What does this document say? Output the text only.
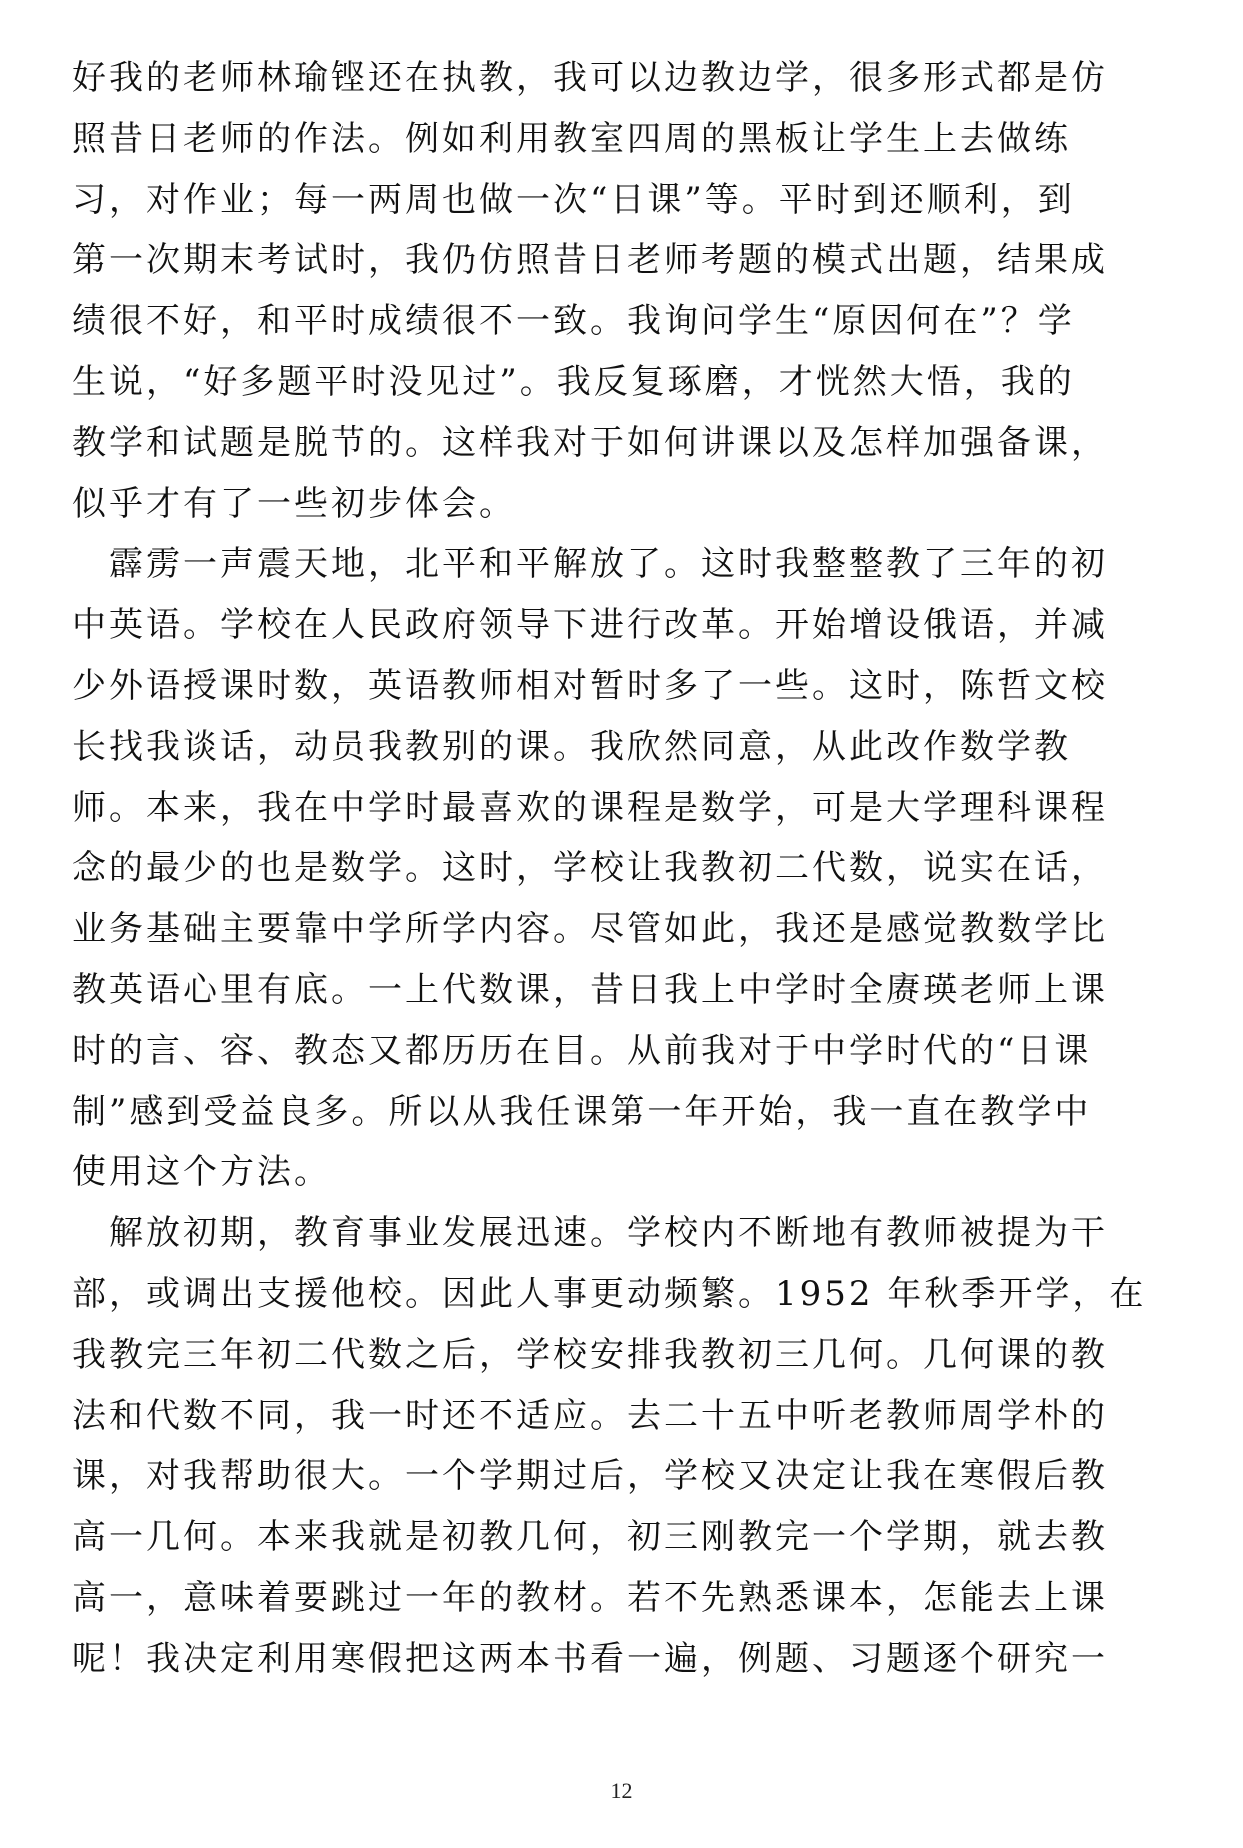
好我的老师林瑜铿还在执教，我可以边教边学，很多形式都是仿
照昔日老师的作法。例如利用教室四周的黑板让学生上去做练
习，对作业；每一两周也做一次“日课”等。平时到还顺利，到
第一次期末考试时，我仍仿照昔日老师考题的模式出题，结果成
绩很不好，和平时成绩很不一致。我询问学生“原因何在”？学
生说，“好多题平时没见过”。我反复琢磨，才恍然大悟，我的
教学和试题是脱节的。这样我对于如何讲课以及怎样加强备课，
似乎才有了一些初步体会。
　霹雳一声震天地，北平和平解放了。这时我整整教了三年的初
中英语。学校在人民政府领导下进行改革。开始增设俄语，并减
少外语授课时数，英语教师相对暂时多了一些。这时，陈哲文校
长找我谈话，动员我教别的课。我欣然同意，从此改作数学教
师。本来，我在中学时最喜欢的课程是数学，可是大学理科课程
念的最少的也是数学。这时，学校让我教初二代数，说实在话，
业务基础主要靠中学所学内容。尽管如此，我还是感觉教数学比
教英语心里有底。一上代数课，昔日我上中学时全赓瑛老师上课
时的言、容、教态又都历历在目。从前我对于中学时代的“日课
制”感到受益良多。所以从我任课第一年开始，我一直在教学中
使用这个方法。
　解放初期，教育事业发展迅速。学校内不断地有教师被提为干
部，或调出支援他校。因此人事更动频繁。1952 年秋季开学，在
我教完三年初二代数之后，学校安排我教初三几何。几何课的教
法和代数不同，我一时还不适应。去二十五中听老教师周学朴的
课，对我帮助很大。一个学期过后，学校又决定让我在寒假后教
高一几何。本来我就是初教几何，初三刚教完一个学期，就去教
高一，意味着要跳过一年的教材。若不先熟悉课本，怎能去上课
呢！我决定利用寒假把这两本书看一遍，例题、习题逐个研究一
12
